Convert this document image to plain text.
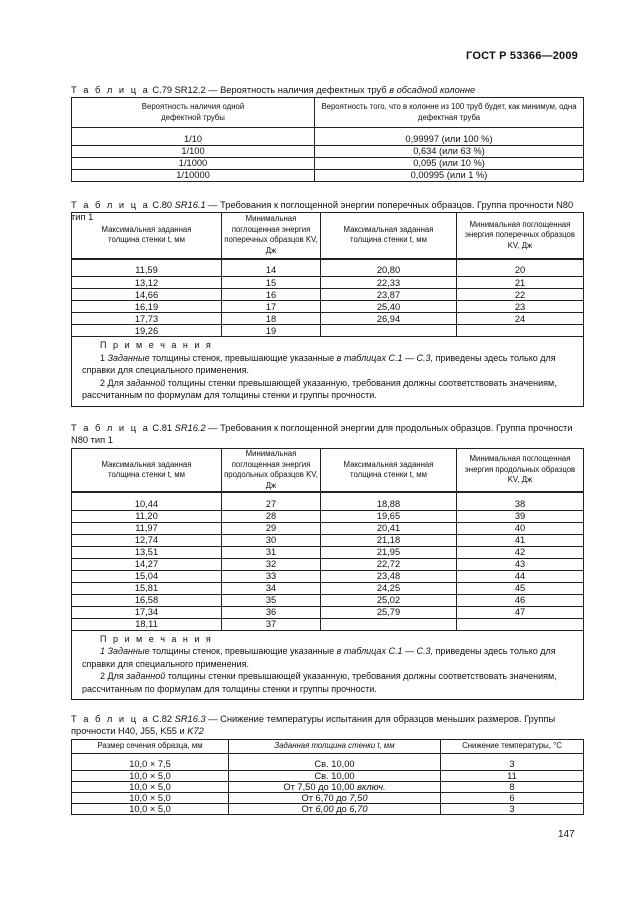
ГОСТ Р 53366—2009
Т а б л и ц а С.79 SR12.2 — Вероятность наличия дефектных труб в обсадной колонне
Вероятность наличия одной дефектной трубы	Вероятность того, что в колонне из 100 труб будет, как минимум, одна дефектная труба

1/10	0,99997 (или 100 %)
1/100	0,634 (или 63 %)
1/1000	0,095 (или 10 %)
1/10000	0,00995 (или 1 %)
Т а б л и ц а С.80 SR16.1 — Требования к поглощенной энергии поперечных образцов. Группа прочности N80 тип 1
Максимальная заданная толщина стенки t, мм	Минимальная поглощенная энергия поперечных образцов KV, Дж	Максимальная заданная толщина стенки t, мм	Минимальная поглощенная энергия поперечных образцов KV, Дж

11,59	14	20,80	20
13,12	15	22,33	21
14,66	16	23,87	22
16,19	17	25,40	23
17,73	18	26,94	24
19,26	19		

П р и м е ч а н и я

1 Заданные толщины стенок, превышающие указанные в таблицах С.1 — С.3, приведены здесь только для справки для специального применения.

2 Для заданной толщины стенки превышающей указанную, требования должны соответствовать значениям, рассчитанным по формулам для толщины стенки и группы прочности.			

Т а б л и ц а С.81 SR16.2 — Требования к поглощенной энергии для продольных образцов. Группа прочности N80 тип 1
Максимальная заданная толщина стенки t, мм	Минимальная поглощенная энергия продольных образцов KV, Дж	Максимальная заданная толщина стенки t, мм	Минимальная поглощенная энергия продольных образцов KV, Дж

10,44	27	18,88	38
11,20	28	19,65	39
11,97	29	20,41	40
12,74	30	21,18	41
13,51	31	21,95	42
14,27	32	22,72	43
15,04	33	23,48	44
15,81	34	24,25	45
16,58	35	25,02	46
17,34	36	25,79	47
18,11	37		

П р и м е ч а н и я

1 Заданные толщины стенок, превышающие указанные в таблицах С.1 — С.3, приведены здесь только для справки для специального применения.

2 Для заданной толщины стенки превышающей указанную, требования должны соответствовать значениям, рассчитанным по формулам для толщины стенки и группы прочности.			

Т а б л и ц а С.82 SR16.3 — Снижение температуры испытания для образцов меньших размеров. Группы прочности Н40, J55, K55 и K72
Размер сечения образца, мм	Заданная толщина стенки t, мм	Снижение температуры, °С

10,0 × 7,5	Св. 10,00	3
10,0 × 5,0	Св. 10,00	11
10,0 × 5,0	От 7,50 до 10,00 включ.	8
10,0 × 5,0	От 6,70 до 7,50	6
10,0 × 5,0	От 6,00 до 6,70	3
147
